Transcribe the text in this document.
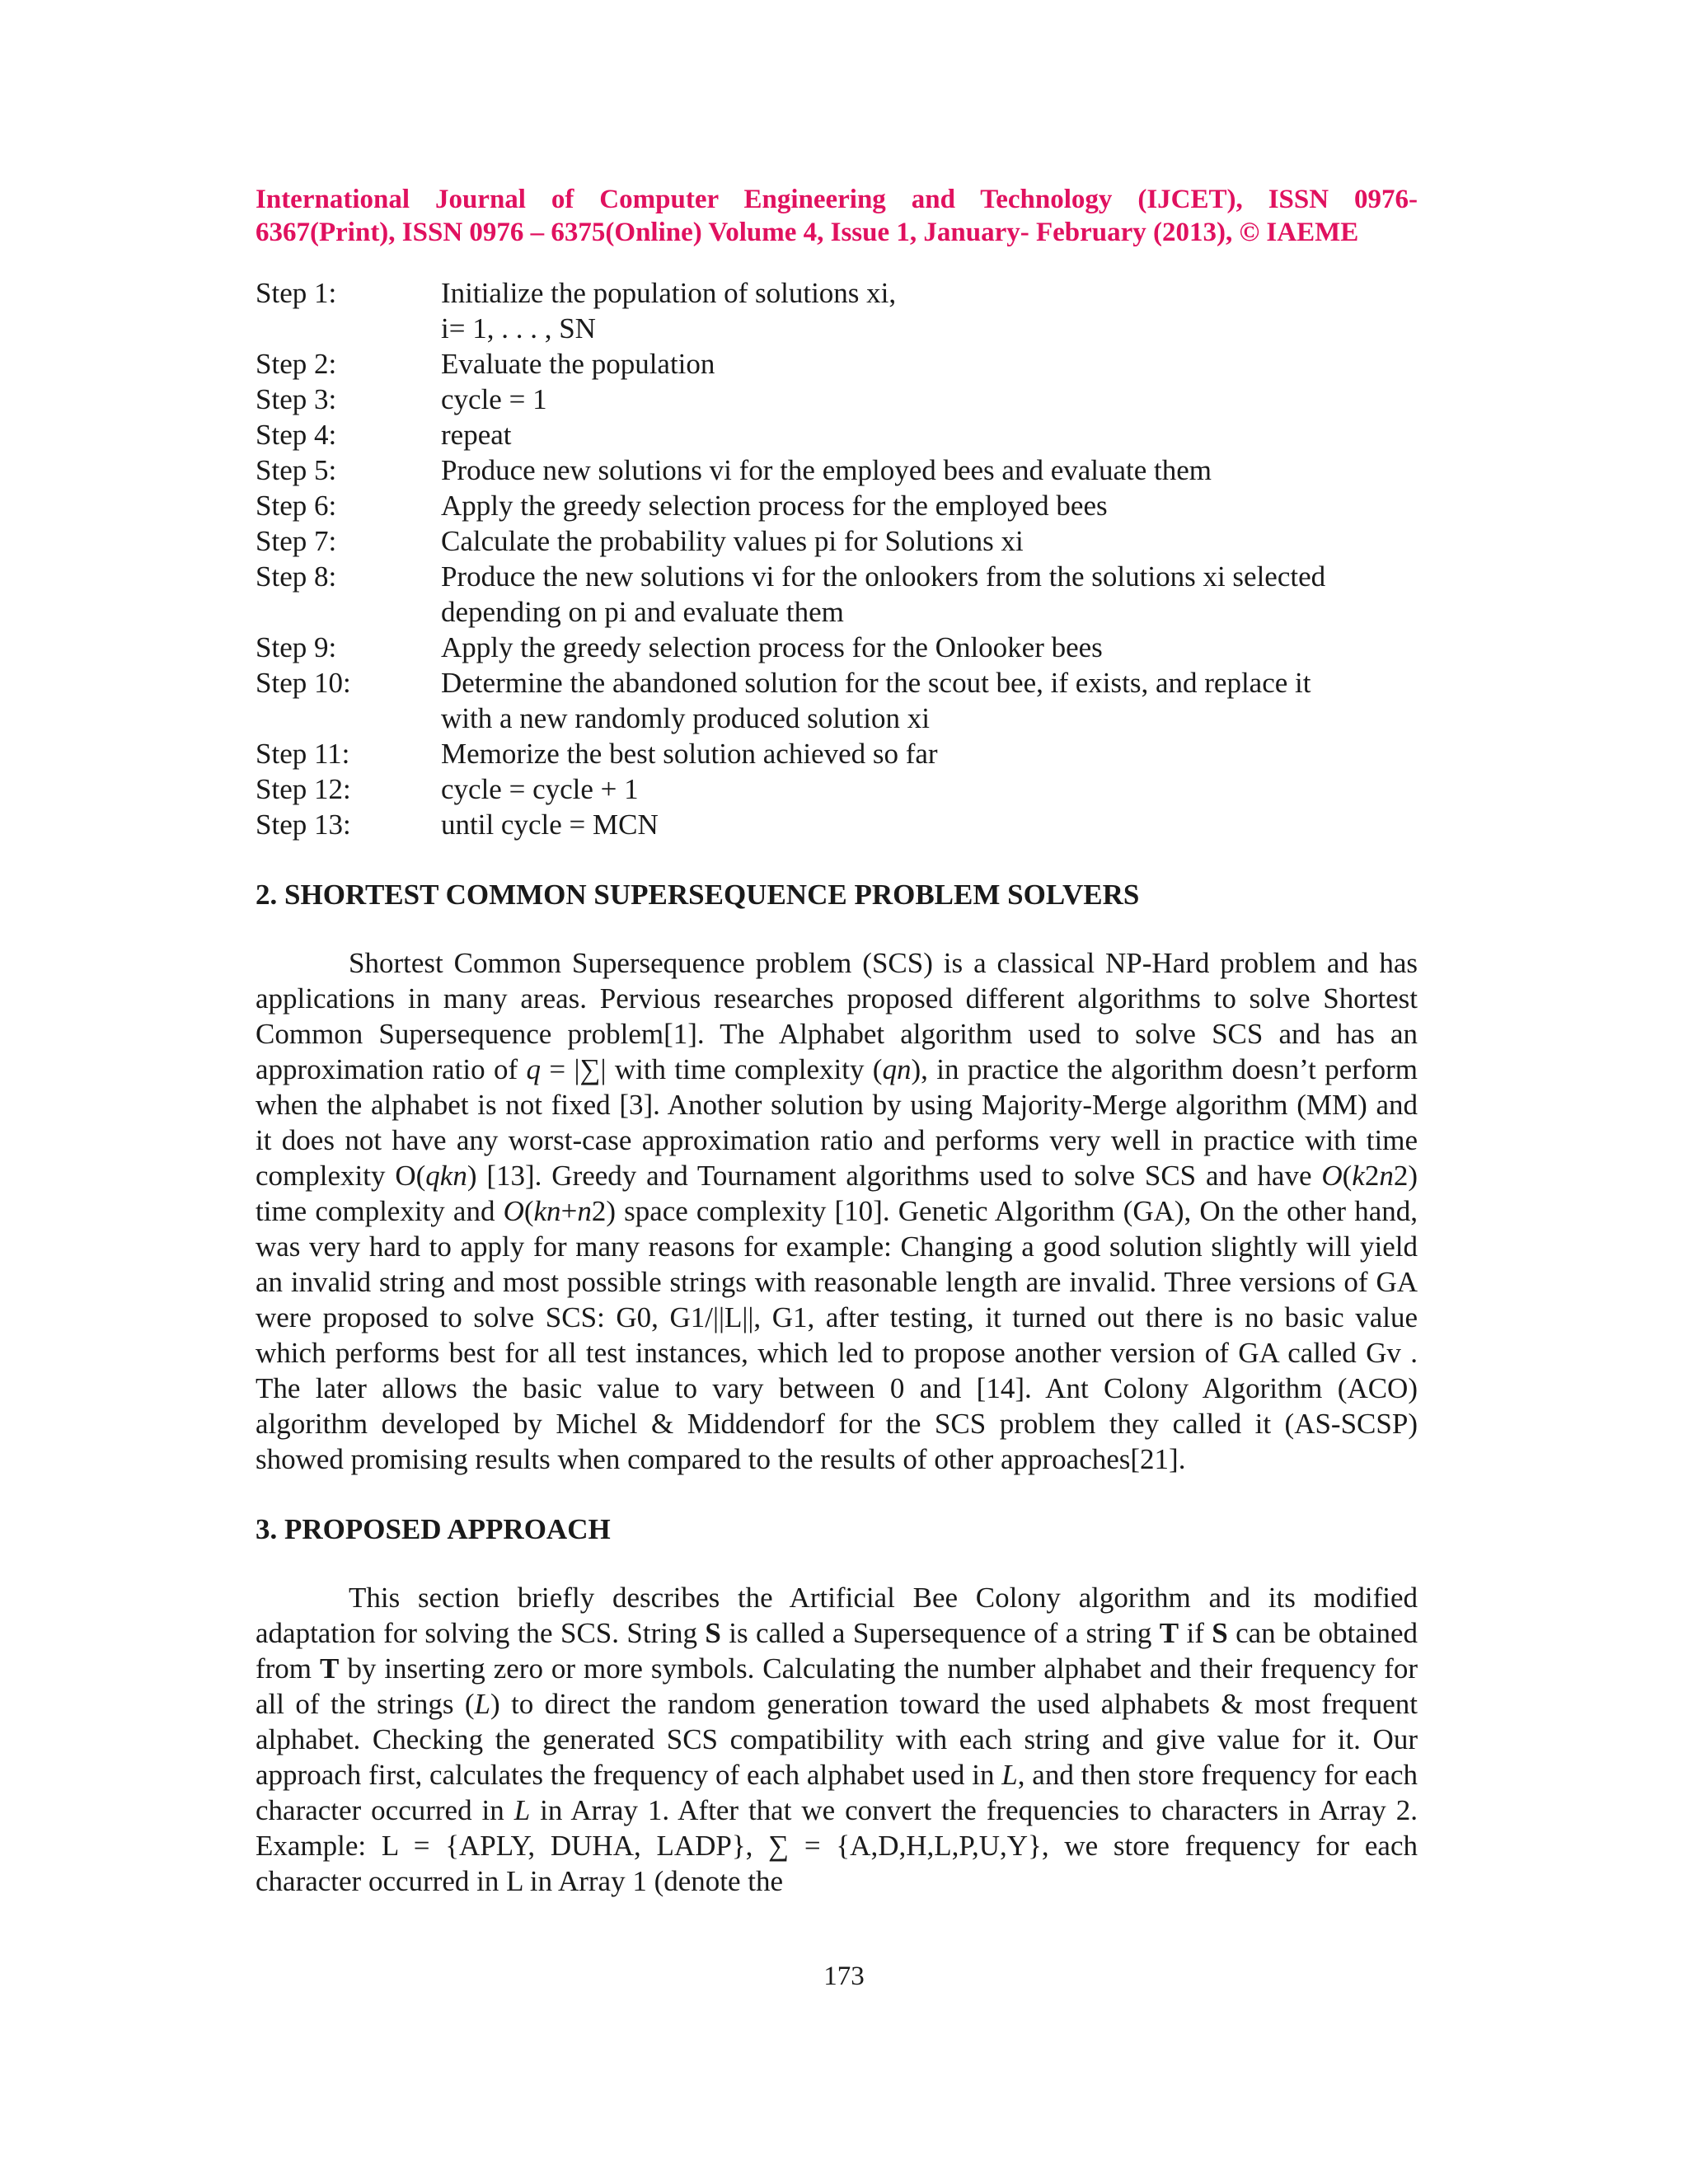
International Journal of Computer Engineering and Technology (IJCET), ISSN 0976-
6367(Print), ISSN 0976 – 6375(Online) Volume 4, Issue 1, January- February (2013), © IAEME
Step 1:	Initialize the population of solutions xi,
i= 1, . . . , SN
Step 2:	Evaluate the population
Step 3:	cycle = 1
Step 4:	repeat
Step 5:	Produce new solutions vi for the employed bees and evaluate them
Step 6:	Apply the greedy selection process for the employed bees
Step 7:	Calculate the probability values pi for Solutions xi
Step 8:	Produce the new solutions vi for the onlookers from the solutions xi selected
depending on pi and evaluate them
Step 9:	Apply the greedy selection process for the Onlooker bees
Step 10:	Determine the abandoned solution for the scout bee, if exists, and replace it
with a new randomly produced solution xi
Step 11:	Memorize the best solution achieved so far
Step 12:	cycle = cycle + 1
Step 13:	until cycle = MCN
2. SHORTEST COMMON SUPERSEQUENCE PROBLEM SOLVERS

Shortest Common Supersequence problem (SCS) is a classical NP-Hard problem and has applications in many areas. Pervious researches proposed different algorithms to solve Shortest Common Supersequence problem[1]. The Alphabet algorithm used to solve SCS and has an approximation ratio of q = |∑| with time complexity (qn), in practice the algorithm doesn’t perform when the alphabet is not fixed [3]. Another solution by using Majority-Merge algorithm (MM) and it does not have any worst-case approximation ratio and performs very well in practice with time complexity O(qkn) [13]. Greedy and Tournament algorithms used to solve SCS and have O(k2n2) time complexity and O(kn+n2) space complexity [10]. Genetic Algorithm (GA), On the other hand, was very hard to apply for many reasons for example: Changing a good solution slightly will yield an invalid string and most possible strings with reasonable length are invalid. Three versions of GA were proposed to solve SCS: G0, G1/||L||, G1, after testing, it turned out there is no basic value which performs best for all test instances, which led to propose another version of GA called Gv . The later allows the basic value to vary between 0 and [14]. Ant Colony Algorithm (ACO) algorithm developed by Michel & Middendorf for the SCS problem they called it (AS-SCSP) showed promising results when compared to the results of other approaches[21].

3. PROPOSED APPROACH

This section briefly describes the Artificial Bee Colony algorithm and its modified adaptation for solving the SCS. String S is called a Supersequence of a string T if S can be obtained from T by inserting zero or more symbols. Calculating the number alphabet and their frequency for all of the strings (L) to direct the random generation toward the used alphabets & most frequent alphabet. Checking the generated SCS compatibility with each string and give value for it. Our approach first, calculates the frequency of each alphabet used in L, and then store frequency for each character occurred in L in Array 1. After that we convert the frequencies to characters in Array 2. Example: L = {APLY, DUHA, LADP}, ∑ = {A,D,H,L,P,U,Y}, we store frequency for each character occurred in L in Array 1 (denote the

173
